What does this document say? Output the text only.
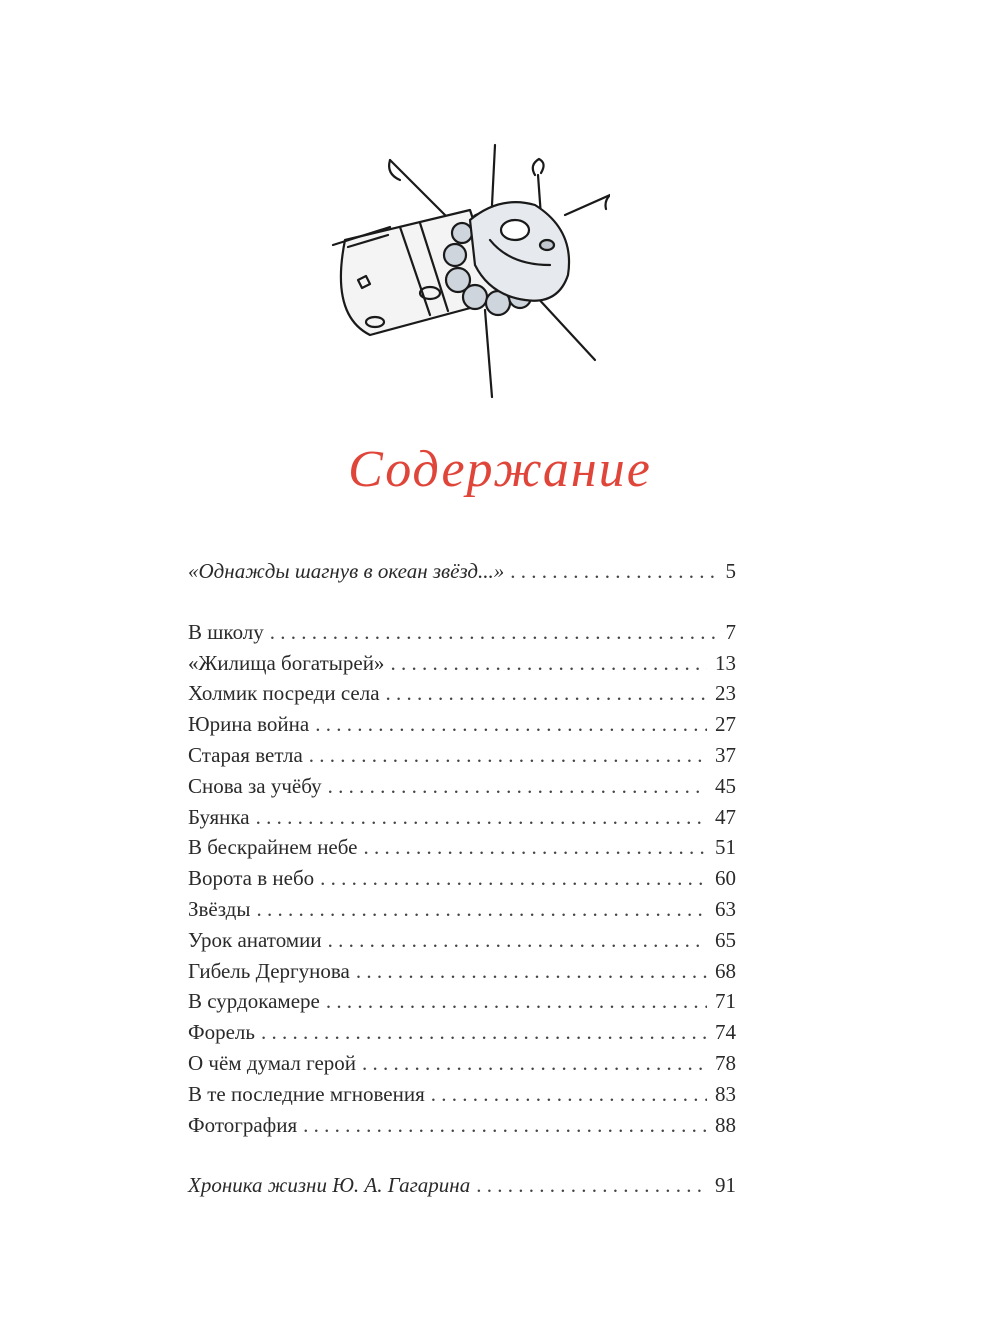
Содержание
«Однажды шагнув в океан звёзд...» . . .	5
В школу . . .	7
«Жилища богатырей» . . .	13
Холмик посреди села . . .	23
Юрина война . . .	27
Старая ветла . . .	37
Снова за учёбу . . .	45
Буянка . . .	47
В бескрайнем небе . . .	51
Ворота в небо . . .	60
Звёзды . . .	63
Урок анатомии . . .	65
Гибель Дергунова . . .	68
В сурдокамере . . .	71
Форель . . .	74
О чём думал герой . . .	78
В те последние мгновения . . .	83
Фотография . . .	88
Хроника жизни Ю. А. Гагарина . . .	91
